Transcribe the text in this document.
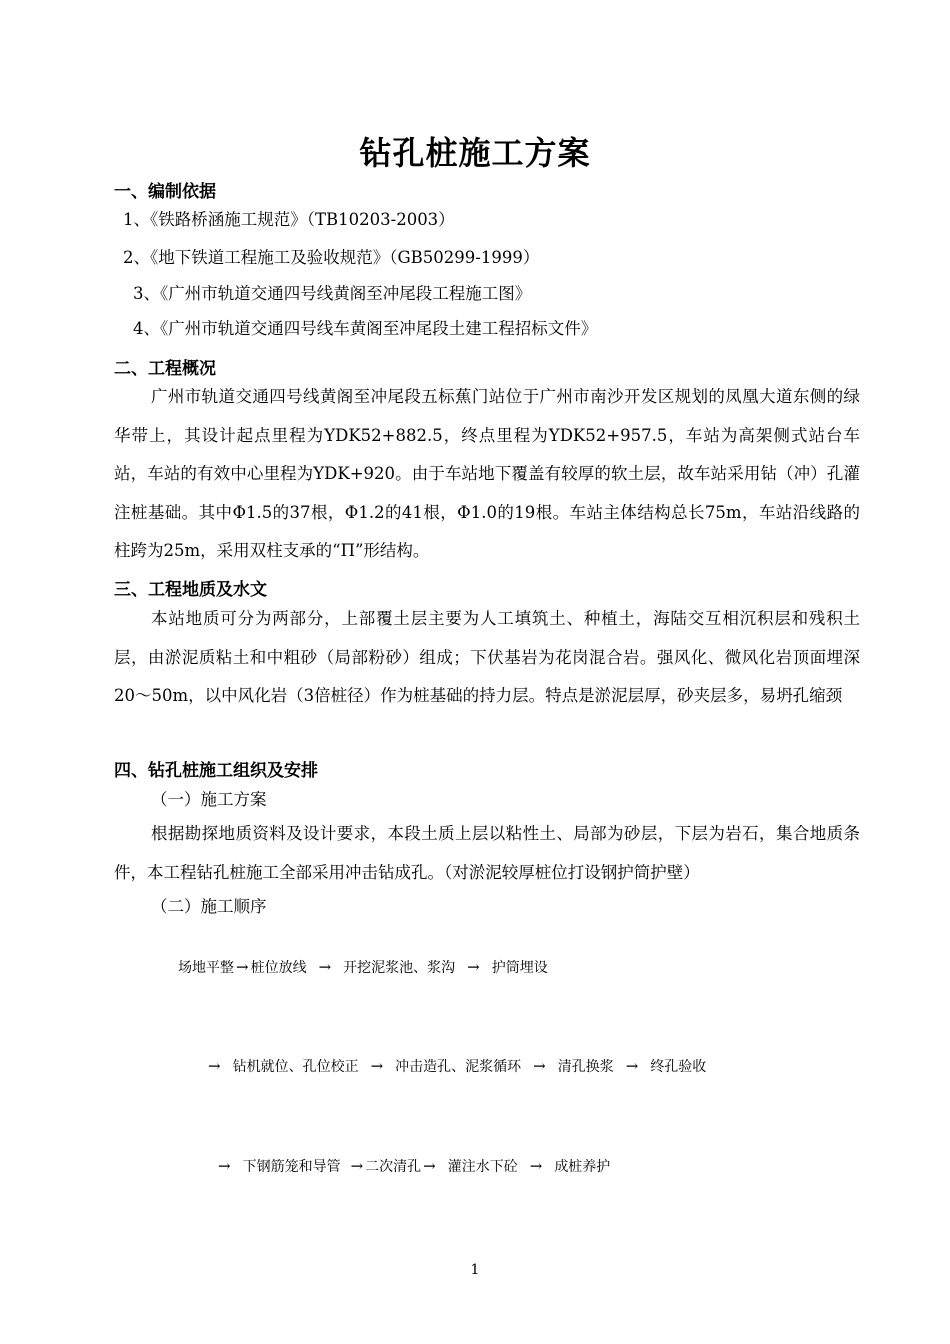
钻孔桩施工方案
一、编制依据
1、《铁路桥涵施工规范》（TB10203-2003）
2、《地下铁道工程施工及验收规范》（GB50299-1999）
3、《广州市轨道交通四号线黄阁至冲尾段工程施工图》
4、《广州市轨道交通四号线车黄阁至冲尾段土建工程招标文件》
二、工程概况

广州市轨道交通四号线黄阁至冲尾段五标蕉门站位于广州市南沙开发区规划的凤凰大道东侧的绿华带上，其设计起点里程为YDK52+882.5，终点里程为YDK52+957.5，车站为高架侧式站台车站，车站的有效中心里程为YDK+920。由于车站地下覆盖有较厚的软土层，故车站采用钻（冲）孔灌注桩基础。其中Φ1.5的37根，Φ1.2的41根，Φ1.0的19根。车站主体结构总长75m，车站沿线路的柱跨为25m，采用双柱支承的“Π”形结构。

三、工程地质及水文

本站地质可分为两部分，上部覆土层主要为人工填筑土、种植土，海陆交互相沉积层和残积土层，由淤泥质粘土和中粗砂（局部粉砂）组成；下伏基岩为花岗混合岩。强风化、微风化岩顶面埋深20～50m，以中风化岩（3倍桩径）作为桩基础的持力层。特点是淤泥层厚，砂夹层多，易坍孔缩颈

四、钻孔桩施工组织及安排
（一）施工方案

根据勘探地质资料及设计要求，本段土质上层以粘性土、局部为砂层，下层为岩石，集合地质条件，本工程钻孔桩施工全部采用冲击钻成孔。（对淤泥较厚桩位打设钢护筒护壁）

（二）施工顺序
场地平整 → 桩位放线 → 开挖泥浆池、浆沟 → 护筒埋设
→ 钻机就位、孔位校正 → 冲击造孔、泥浆循环 → 清孔换浆 → 终孔验收
→ 下钢筋笼和导管 → 二次清孔 → 灌注水下砼 → 成桩养护
1
